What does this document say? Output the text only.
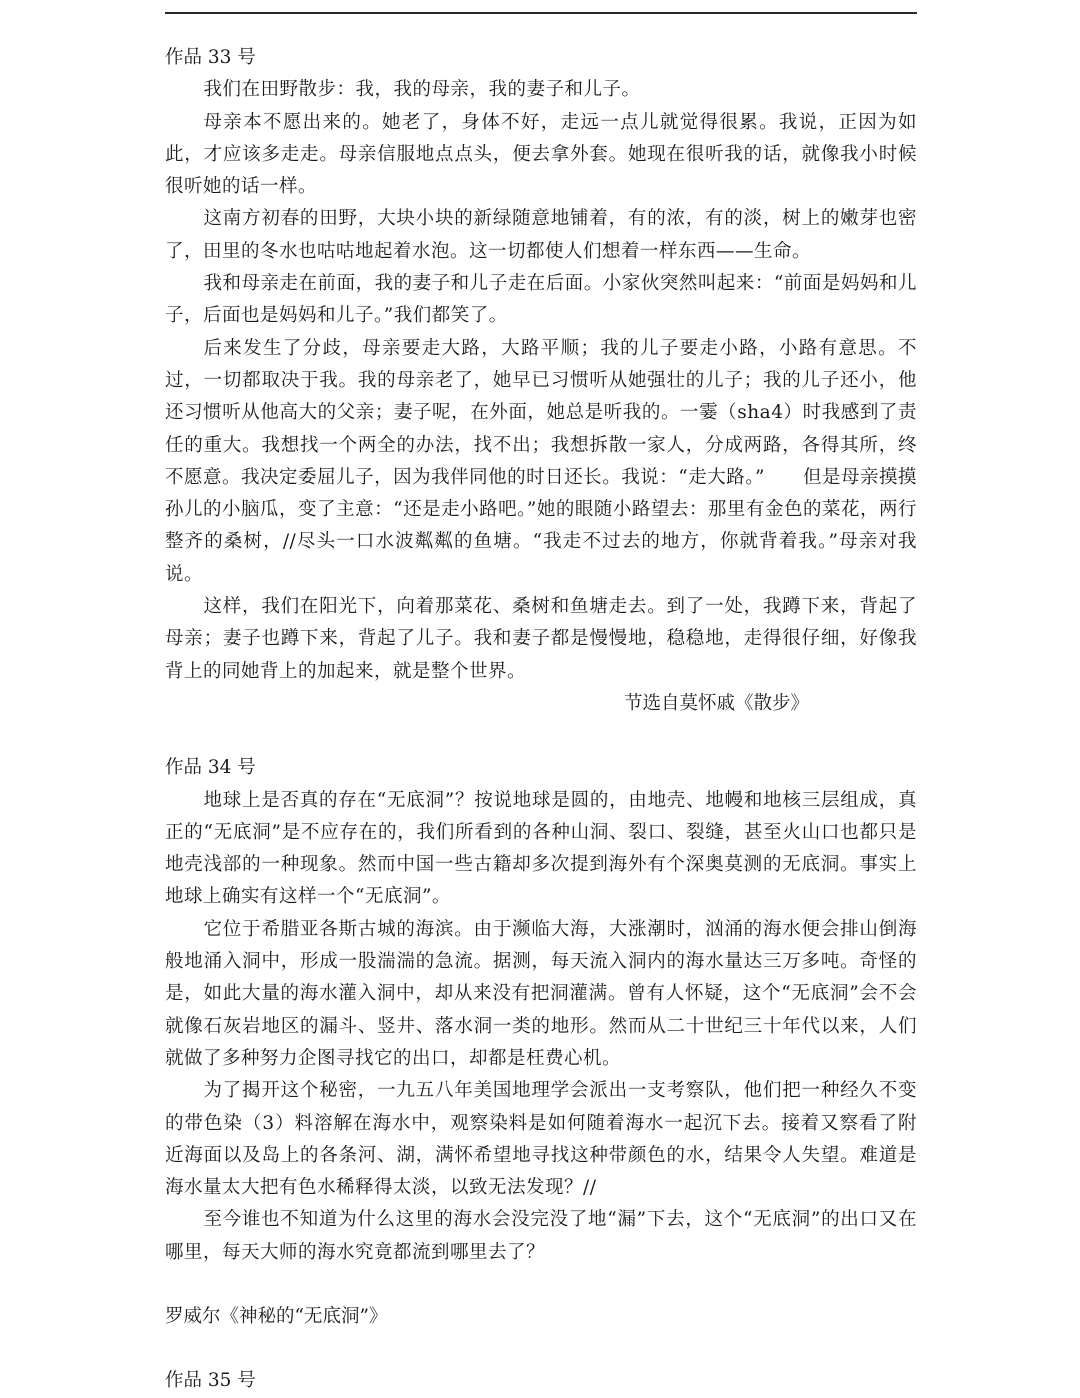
作品 33 号

我们在田野散步：我，我的母亲，我的妻子和儿子。

母亲本不愿出来的。她老了，身体不好，走远一点儿就觉得很累。我说，正因为如此，才应该多走走。母亲信服地点点头，便去拿外套。她现在很听我的话，就像我小时候很听她的话一样。

这南方初春的田野，大块小块的新绿随意地铺着，有的浓，有的淡，树上的嫩芽也密了，田里的冬水也咕咕地起着水泡。这一切都使人们想着一样东西——生命。

我和母亲走在前面，我的妻子和儿子走在后面。小家伙突然叫起来：“前面是妈妈和儿子，后面也是妈妈和儿子。”我们都笑了。

后来发生了分歧，母亲要走大路，大路平顺；我的儿子要走小路，小路有意思。不过，一切都取决于我。我的母亲老了，她早已习惯听从她强壮的儿子；我的儿子还小，他还习惯听从他高大的父亲；妻子呢，在外面，她总是听我的。一霎（sha4）时我感到了责任的重大。我想找一个两全的办法，找不出；我想拆散一家人，分成两路，各得其所，终不愿意。我决定委屈儿子，因为我伴同他的时日还长。我说：“走大路。”　　但是母亲摸摸孙儿的小脑瓜，变了主意：“还是走小路吧。”她的眼随小路望去：那里有金色的菜花，两行整齐的桑树，//尽头一口水波粼粼的鱼塘。“我走不过去的地方，你就背着我。”母亲对我说。

这样，我们在阳光下，向着那菜花、桑树和鱼塘走去。到了一处，我蹲下来，背起了母亲；妻子也蹲下来，背起了儿子。我和妻子都是慢慢地，稳稳地，走得很仔细，好像我背上的同她背上的加起来，就是整个世界。

节选自莫怀戚《散步》

作品 34 号

地球上是否真的存在“无底洞”？按说地球是圆的，由地壳、地幔和地核三层组成，真正的“无底洞”是不应存在的，我们所看到的各种山洞、裂口、裂缝，甚至火山口也都只是地壳浅部的一种现象。然而中国一些古籍却多次提到海外有个深奥莫测的无底洞。事实上地球上确实有这样一个“无底洞”。

它位于希腊亚各斯古城的海滨。由于濒临大海，大涨潮时，汹涌的海水便会排山倒海般地涌入洞中，形成一股湍湍的急流。据测，每天流入洞内的海水量达三万多吨。奇怪的是，如此大量的海水灌入洞中，却从来没有把洞灌满。曾有人怀疑，这个“无底洞”会不会就像石灰岩地区的漏斗、竖井、落水洞一类的地形。然而从二十世纪三十年代以来，人们就做了多种努力企图寻找它的出口，却都是枉费心机。

为了揭开这个秘密，一九五八年美国地理学会派出一支考察队，他们把一种经久不变的带色染（3）料溶解在海水中，观察染料是如何随着海水一起沉下去。接着又察看了附近海面以及岛上的各条河、湖，满怀希望地寻找这种带颜色的水，结果令人失望。难道是海水量太大把有色水稀释得太淡，以致无法发现？//

至今谁也不知道为什么这里的海水会没完没了地“漏”下去，这个“无底洞”的出口又在哪里，每天大师的海水究竟都流到哪里去了？

罗威尔《神秘的“无底洞”》

作品 35 号
